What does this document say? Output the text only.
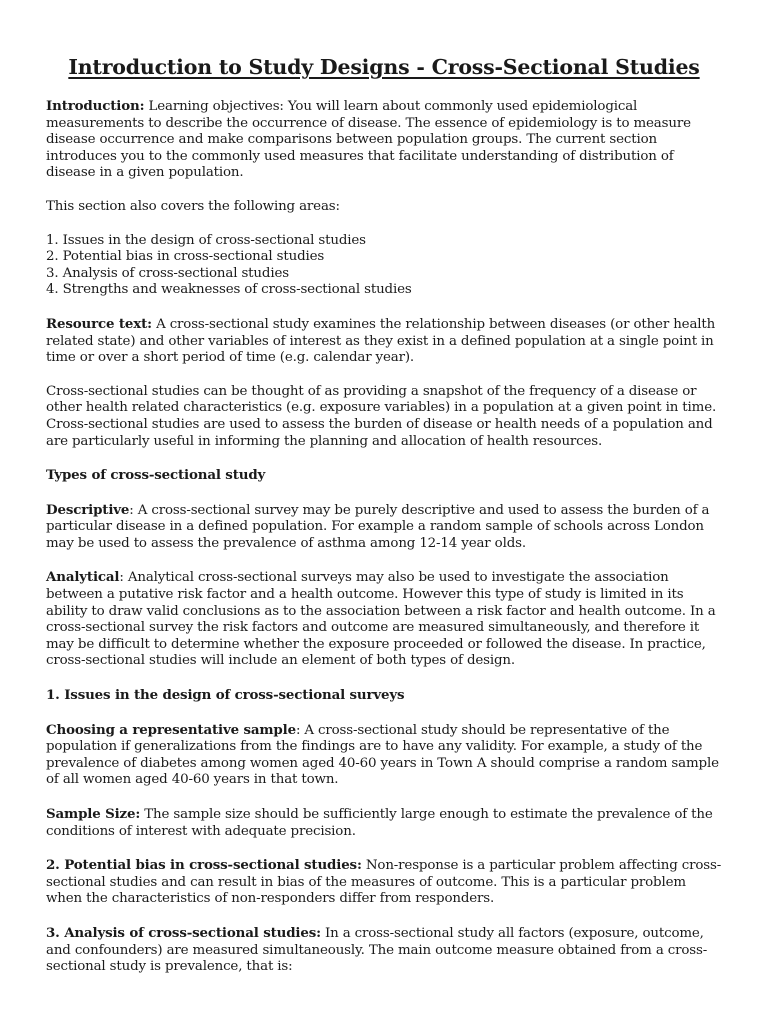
Introduction to Study Designs - Cross-Sectional Studies

Introduction: Learning objectives: You will learn about commonly used epidemiological measurements to describe the occurrence of disease. The essence of epidemiology is to measure disease occurrence and make comparisons between population groups. The current section introduces you to the commonly used measures that facilitate understanding of distribution of disease in a given population.

This section also covers the following areas:

1. Issues in the design of cross-sectional studies
2. Potential bias in cross-sectional studies
3. Analysis of cross-sectional studies
4. Strengths and weaknesses of cross-sectional studies

Resource text: A cross-sectional study examines the relationship between diseases (or other health related state) and other variables of interest as they exist in a defined population at a single point in time or over a short period of time (e.g. calendar year).

Cross-sectional studies can be thought of as providing a snapshot of the frequency of a disease or other health related characteristics (e.g. exposure variables) in a population at a given point in time. Cross-sectional studies are used to assess the burden of disease or health needs of a population and are particularly useful in informing the planning and allocation of health resources.

Types of cross-sectional study

Descriptive: A cross-sectional survey may be purely descriptive and used to assess the burden of a particular disease in a defined population. For example a random sample of schools across London may be used to assess the prevalence of asthma among 12-14 year olds.

Analytical: Analytical cross-sectional surveys may also be used to investigate the association between a putative risk factor and a health outcome. However this type of study is limited in its ability to draw valid conclusions as to the association between a risk factor and health outcome. In a cross-sectional survey the risk factors and outcome are measured simultaneously, and therefore it may be difficult to determine whether the exposure proceeded or followed the disease. In practice, cross-sectional studies will include an element of both types of design.

1. Issues in the design of cross-sectional surveys

Choosing a representative sample: A cross-sectional study should be representative of the population if generalizations from the findings are to have any validity. For example, a study of the prevalence of diabetes among women aged 40-60 years in Town A should comprise a random sample of all women aged 40-60 years in that town.

Sample Size: The sample size should be sufficiently large enough to estimate the prevalence of the conditions of interest with adequate precision.

2. Potential bias in cross-sectional studies: Non-response is a particular problem affecting cross-sectional studies and can result in bias of the measures of outcome. This is a particular problem when the characteristics of non-responders differ from responders.

3. Analysis of cross-sectional studies: In a cross-sectional study all factors (exposure, outcome, and confounders) are measured simultaneously. The main outcome measure obtained from a cross-sectional study is prevalence, that is:
